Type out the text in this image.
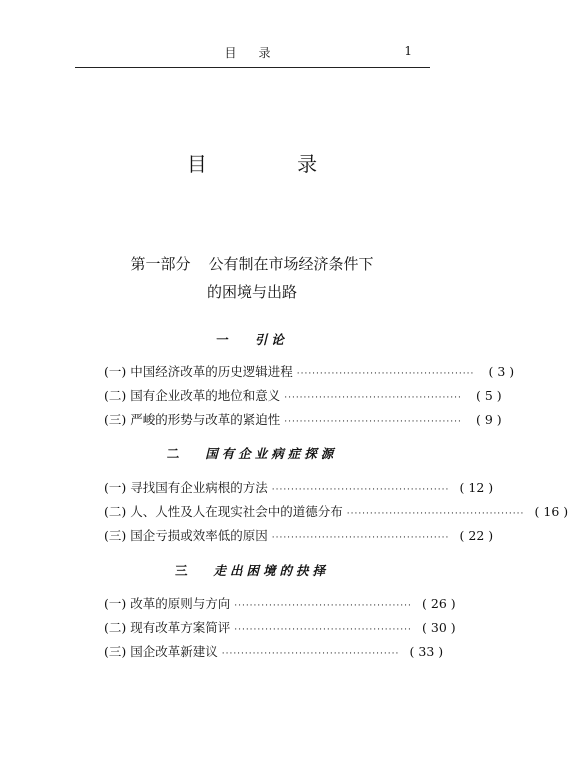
目录	1
目 录
第一部分 公有制在市场经济条件下
的困境与出路
一 引论
(一) 中国经济改革的历史逻辑进程 ··············································	( 3 )
(二) 国有企业改革的地位和意义 ··············································	( 5 )
(三) 严峻的形势与改革的紧迫性 ··············································	( 9 )
二 国有企业病症探源
(一) 寻找国有企业病根的方法 ·············································· ( 12 )
(二) 人、人性及人在现实社会中的道德分布 ·············································· ( 16 )
(三) 国企亏损或效率低的原因 ·············································· ( 22 )
三 走出困境的抉择
(一) 改革的原则与方向 ·············································· ( 26 )
(二) 现有改革方案简评 ·············································· ( 30 )
(三) 国企改革新建议 ·············································· ( 33 )
